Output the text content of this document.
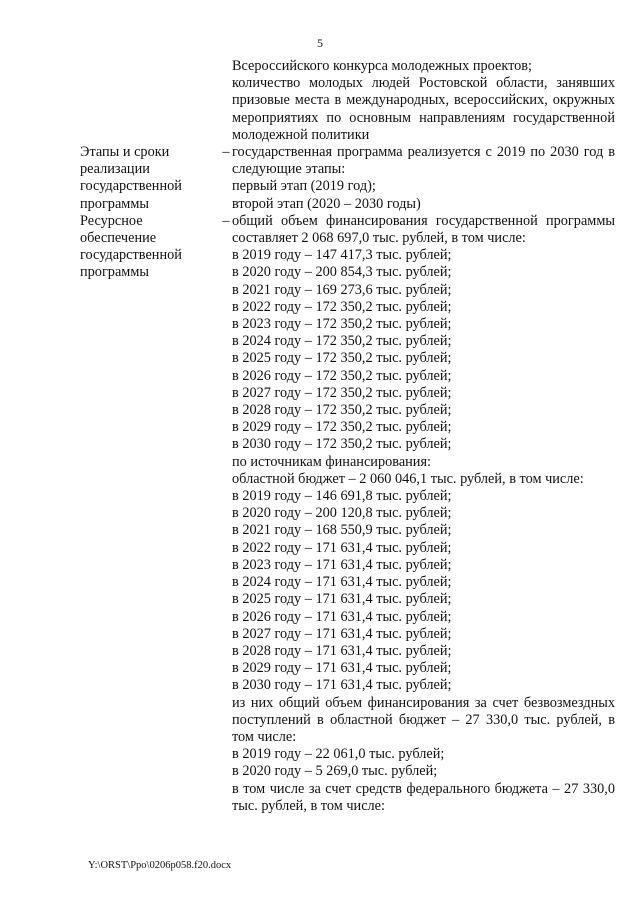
5
Всероссийского конкурса молодежных проектов;
количество молодых людей Ростовской области, занявших призовые места в международных, всероссийских, окружных мероприятиях по основным направлениям государственной молодежной политики
Этапы и сроки реализации государственной программы
– государственная программа реализуется с 2019 по 2030 год в следующие этапы:
первый этап (2019 год);
второй этап (2020 – 2030 годы)
Ресурсное обеспечение государственной программы
– общий объем финансирования государственной программы составляет 2 068 697,0 тыс. рублей, в том числе:
в 2019 году – 147 417,3 тыс. рублей;
в 2020 году – 200 854,3 тыс. рублей;
в 2021 году – 169 273,6 тыс. рублей;
в 2022 году – 172 350,2 тыс. рублей;
в 2023 году – 172 350,2 тыс. рублей;
в 2024 году – 172 350,2 тыс. рублей;
в 2025 году – 172 350,2 тыс. рублей;
в 2026 году – 172 350,2 тыс. рублей;
в 2027 году – 172 350,2 тыс. рублей;
в 2028 году – 172 350,2 тыс. рублей;
в 2029 году – 172 350,2 тыс. рублей;
в 2030 году – 172 350,2 тыс. рублей;
по источникам финансирования:
областной бюджет – 2 060 046,1 тыс. рублей, в том числе:
в 2019 году – 146 691,8 тыс. рублей;
в 2020 году – 200 120,8 тыс. рублей;
в 2021 году – 168 550,9 тыс. рублей;
в 2022 году – 171 631,4 тыс. рублей;
в 2023 году – 171 631,4 тыс. рублей;
в 2024 году – 171 631,4 тыс. рублей;
в 2025 году – 171 631,4 тыс. рублей;
в 2026 году – 171 631,4 тыс. рублей;
в 2027 году – 171 631,4 тыс. рублей;
в 2028 году – 171 631,4 тыс. рублей;
в 2029 году – 171 631,4 тыс. рублей;
в 2030 году – 171 631,4 тыс. рублей;
из них общий объем финансирования за счет безвозмездных поступлений в областной бюджет – 27 330,0 тыс. рублей, в том числе:
в 2019 году – 22 061,0 тыс. рублей;
в 2020 году – 5 269,0 тыс. рублей;
в том числе за счет средств федерального бюджета – 27 330,0 тыс. рублей, в том числе:
Y:\ORST\Ppo\0206p058.f20.docx
